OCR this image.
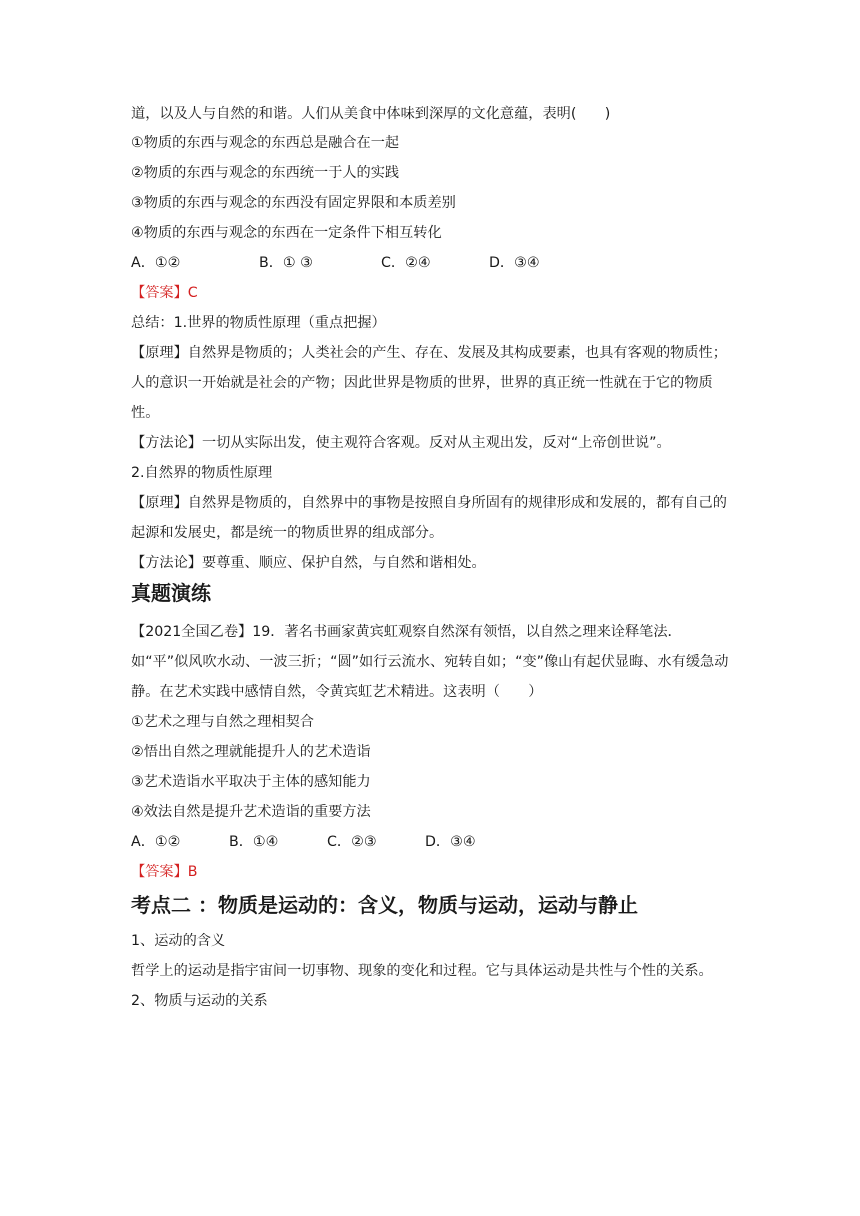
道，以及人与自然的和谐。人们从美食中体味到深厚的文化意蕴，表明(　　)
①物质的东西与观念的东西总是融合在一起
②物质的东西与观念的东西统一于人的实践
③物质的东西与观念的东西没有固定界限和本质差别
④物质的东西与观念的东西在一定条件下相互转化
A．①②	B．① ③	C．②④	D．③④
【答案】C
总结：1.世界的物质性原理（重点把握）
【原理】自然界是物质的；人类社会的产生、存在、发展及其构成要素，也具有客观的物质性；人的意识一开始就是社会的产物；因此世界是物质的世界，世界的真正统一性就在于它的物质性。
【方法论】一切从实际出发，使主观符合客观。反对从主观出发，反对“上帝创世说”。
2.自然界的物质性原理
【原理】自然界是物质的，自然界中的事物是按照自身所固有的规律形成和发展的，都有自己的起源和发展史，都是统一的物质世界的组成部分。
【方法论】要尊重、顺应、保护自然，与自然和谐相处。
真题演练
【2021全国乙卷】19．著名书画家黄宾虹观察自然深有领悟，以自然之理来诠释笔法．如“平”似风吹水动、一波三折；“圆”如行云流水、宛转自如；“变”像山有起伏显晦、水有缓急动静。在艺术实践中感情自然，令黄宾虹艺术精进。这表明（　　）
①艺术之理与自然之理相契合
②悟出自然之理就能提升人的艺术造诣
③艺术造诣水平取决于主体的感知能力
④效法自然是提升艺术造诣的重要方法
A．①②	B．①④	C．②③	D．③④
【答案】B
考点二 ：物质是运动的：含义，物质与运动，运动与静止
1、运动的含义
哲学上的运动是指宇宙间一切事物、现象的变化和过程。它与具体运动是共性与个性的关系。
2、物质与运动的关系
